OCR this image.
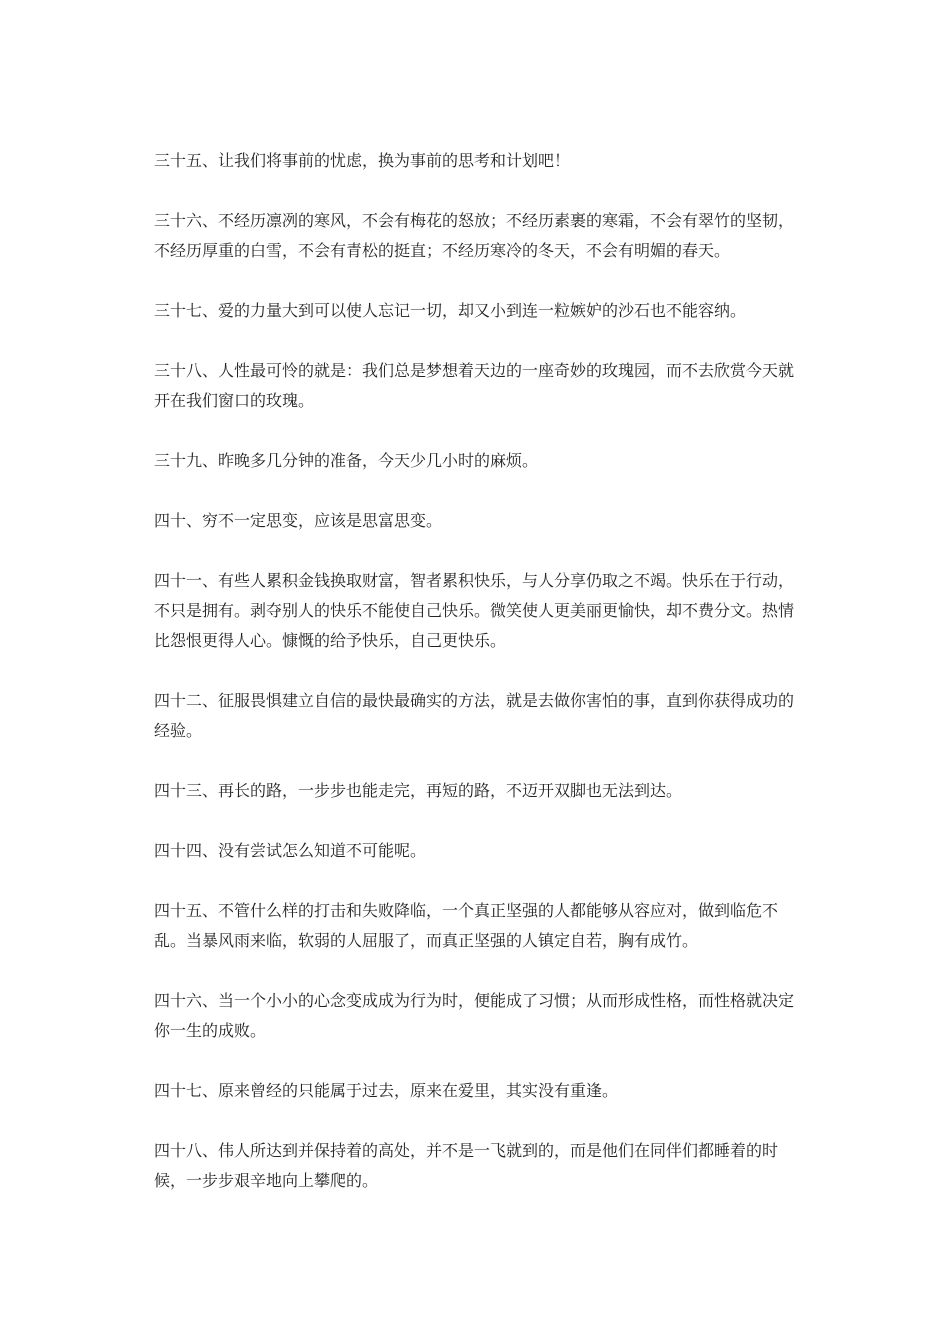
三十五、让我们将事前的忧虑，换为事前的思考和计划吧！

三十六、不经历凛冽的寒风，不会有梅花的怒放；不经历素裹的寒霜，不会有翠竹的坚韧，不经历厚重的白雪，不会有青松的挺直；不经历寒冷的冬天，不会有明媚的春天。

三十七、爱的力量大到可以使人忘记一切，却又小到连一粒嫉妒的沙石也不能容纳。

三十八、人性最可怜的就是：我们总是梦想着天边的一座奇妙的玫瑰园，而不去欣赏今天就开在我们窗口的玫瑰。

三十九、昨晚多几分钟的准备，今天少几小时的麻烦。

四十、穷不一定思变，应该是思富思变。

四十一、有些人累积金钱换取财富，智者累积快乐，与人分享仍取之不竭。快乐在于行动，不只是拥有。剥夺别人的快乐不能使自己快乐。微笑使人更美丽更愉快，却不费分文。热情比怨恨更得人心。慷慨的给予快乐，自己更快乐。

四十二、征服畏惧建立自信的最快最确实的方法，就是去做你害怕的事，直到你获得成功的经验。

四十三、再长的路，一步步也能走完，再短的路，不迈开双脚也无法到达。

四十四、没有尝试怎么知道不可能呢。

四十五、不管什么样的打击和失败降临，一个真正坚强的人都能够从容应对，做到临危不乱。当暴风雨来临，软弱的人屈服了，而真正坚强的人镇定自若，胸有成竹。

四十六、当一个小小的心念变成成为行为时，便能成了习惯；从而形成性格，而性格就决定你一生的成败。

四十七、原来曾经的只能属于过去，原来在爱里，其实没有重逢。

四十八、伟人所达到并保持着的高处，并不是一飞就到的，而是他们在同伴们都睡着的时候，一步步艰辛地向上攀爬的。
